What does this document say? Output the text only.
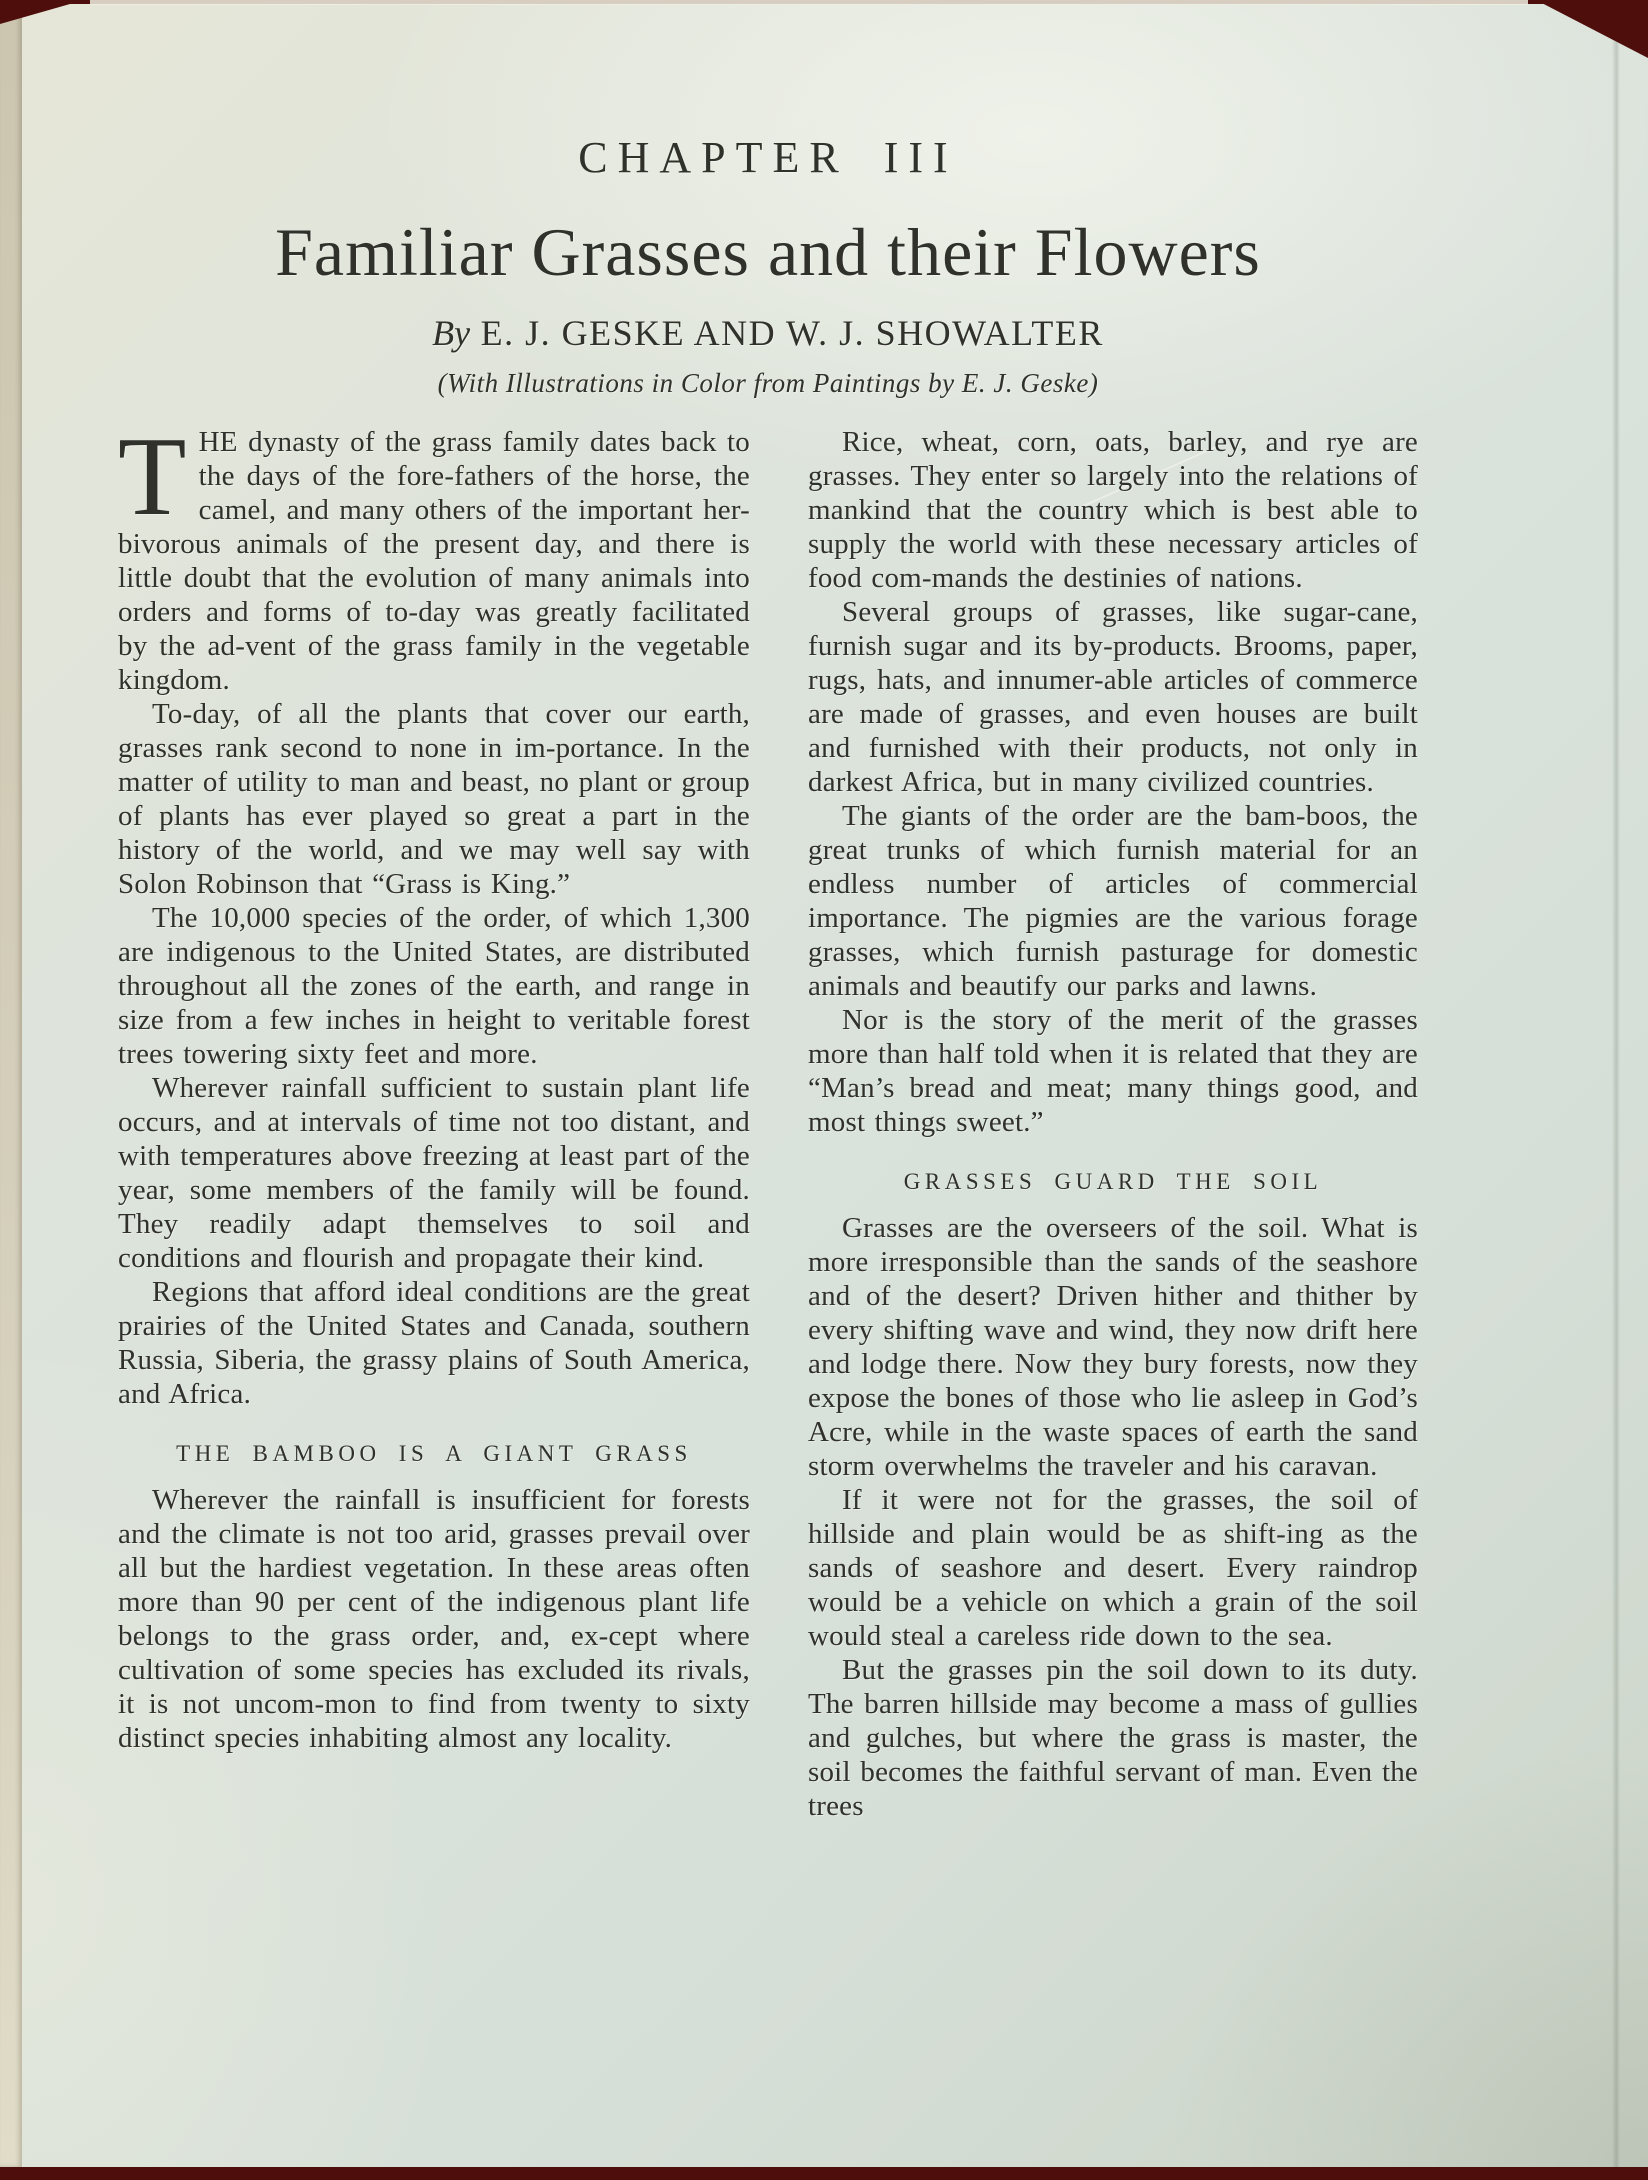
CHAPTER III
Familiar Grasses and their Flowers
By E. J. GESKE AND W. J. SHOWALTER
(With Illustrations in Color from Paintings by E. J. Geske)

THE dynasty of the grass family dates back to the days of the fore-fathers of the horse, the camel, and many others of the important her-bivorous animals of the present day, and there is little doubt that the evolution of many animals into orders and forms of to-day was greatly facilitated by the ad-vent of the grass family in the vegetable kingdom.

To-day, of all the plants that cover our earth, grasses rank second to none in im-portance. In the matter of utility to man and beast, no plant or group of plants has ever played so great a part in the history of the world, and we may well say with Solon Robinson that “Grass is King.”

The 10,000 species of the order, of which 1,300 are indigenous to the United States, are distributed throughout all the zones of the earth, and range in size from a few inches in height to veritable forest trees towering sixty feet and more.

Wherever rainfall sufficient to sustain plant life occurs, and at intervals of time not too distant, and with temperatures above freezing at least part of the year, some members of the family will be found. They readily adapt themselves to soil and conditions and flourish and propagate their kind.

Regions that afford ideal conditions are the great prairies of the United States and Canada, southern Russia, Siberia, the grassy plains of South America, and Africa.

THE BAMBOO IS A GIANT GRASS

Wherever the rainfall is insufficient for forests and the climate is not too arid, grasses prevail over all but the hardiest vegetation. In these areas often more than 90 per cent of the indigenous plant life belongs to the grass order, and, ex-cept where cultivation of some species has excluded its rivals, it is not uncom-mon to find from twenty to sixty distinct species inhabiting almost any locality.

Rice, wheat, corn, oats, barley, and rye are grasses. They enter so largely into the relations of mankind that the country which is best able to supply the world with these necessary articles of food com-mands the destinies of nations.

Several groups of grasses, like sugar-cane, furnish sugar and its by-products. Brooms, paper, rugs, hats, and innumer-able articles of commerce are made of grasses, and even houses are built and furnished with their products, not only in darkest Africa, but in many civilized countries.

The giants of the order are the bam-boos, the great trunks of which furnish material for an endless number of articles of commercial importance. The pigmies are the various forage grasses, which furnish pasturage for domestic animals and beautify our parks and lawns.

Nor is the story of the merit of the grasses more than half told when it is related that they are “Man’s bread and meat; many things good, and most things sweet.”

GRASSES GUARD THE SOIL

Grasses are the overseers of the soil. What is more irresponsible than the sands of the seashore and of the desert? Driven hither and thither by every shifting wave and wind, they now drift here and lodge there. Now they bury forests, now they expose the bones of those who lie asleep in God’s Acre, while in the waste spaces of earth the sand storm overwhelms the traveler and his caravan.

If it were not for the grasses, the soil of hillside and plain would be as shift-ing as the sands of seashore and desert. Every raindrop would be a vehicle on which a grain of the soil would steal a careless ride down to the sea.

But the grasses pin the soil down to its duty. The barren hillside may become a mass of gullies and gulches, but where the grass is master, the soil becomes the faithful servant of man. Even the trees
